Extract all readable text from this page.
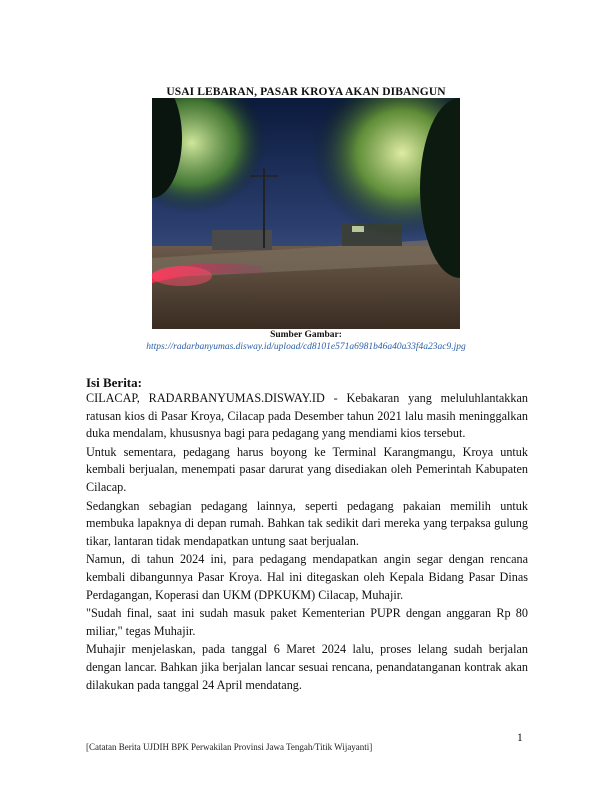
USAI LEBARAN, PASAR KROYA AKAN DIBANGUN
Sumber Gambar:
https://radarbanyumas.disway.id/upload/cd8101e571a6981b46a40a33f4a23ac9.jpg
Isi Berita:

CILACAP, RADARBANYUMAS.DISWAY.ID - Kebakaran yang meluluhlantakkan ratusan kios di Pasar Kroya, Cilacap pada Desember tahun 2021 lalu masih meninggalkan duka mendalam, khususnya bagi para pedagang yang mendiami kios tersebut.

Untuk sementara, pedagang harus boyong ke Terminal Karangmangu, Kroya untuk kembali berjualan, menempati pasar darurat yang disediakan oleh Pemerintah Kabupaten Cilacap.

Sedangkan sebagian pedagang lainnya, seperti pedagang pakaian memilih untuk membuka lapaknya di depan rumah. Bahkan tak sedikit dari mereka yang terpaksa gulung tikar, lantaran tidak mendapatkan untung saat berjualan.

Namun, di tahun 2024 ini, para pedagang mendapatkan angin segar dengan rencana kembali dibangunnya Pasar Kroya. Hal ini ditegaskan oleh Kepala Bidang Pasar Dinas Perdagangan, Koperasi dan UKM (DPKUKM) Cilacap, Muhajir.

"Sudah final, saat ini sudah masuk paket Kementerian PUPR dengan anggaran Rp 80 miliar," tegas Muhajir.

Muhajir menjelaskan, pada tanggal 6 Maret 2024 lalu, proses lelang sudah berjalan dengan lancar. Bahkan jika berjalan lancar sesuai rencana, penandatanganan kontrak akan dilakukan pada tanggal 24 April mendatang.

1
[Catatan Berita UJDIH BPK Perwakilan Provinsi Jawa Tengah/Titik Wijayanti]
